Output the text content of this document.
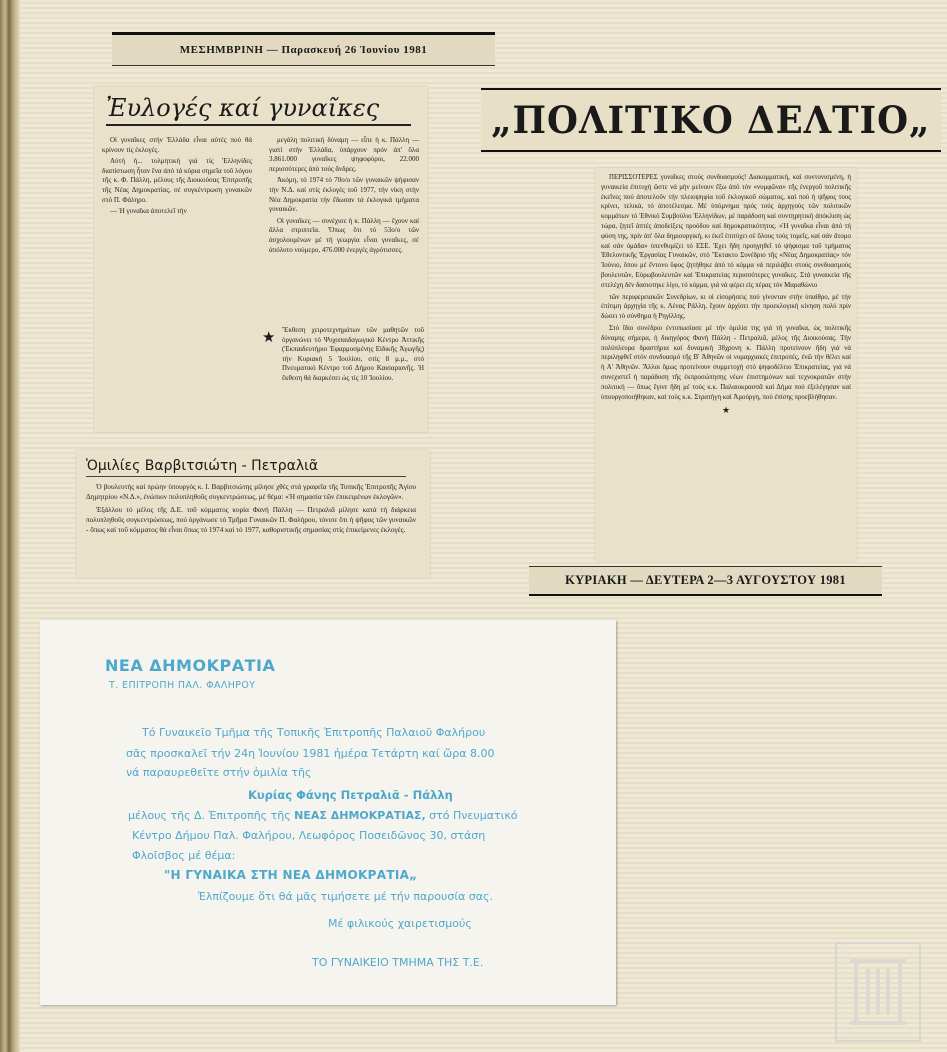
ΜΕΣΗΜΒΡΙΝΗ — Παρασκευή 26 Ἰουνίου 1981
Ἐυλογές καί γυναῖκες

Οἱ γυναῖκες στήν Ἑλλάδα εἶναι αὐτές πού θά κρίνουν τίς ἐκλογές.

Αὐτή ἡ... τολμητική γιά τίς Ἑλληνίδες διαπίστωση ἦταν ἕνα ἀπό τά κύρια σημεῖα τοῦ λόγου τῆς κ. Φ. Πάλλη, μέλους τῆς Διοικούσας Ἐπιτροπῆς τῆς Νέας Δημοκρατίας, σέ συγκέντρωση γυναικῶν στό Π. Φάληρο.

— Ἡ γυναῖκα ἀποτελεῖ τήν

μεγάλη πολιτική δύναμη — εἶπε ἡ κ. Πάλλη — γιατί στήν Ἑλλάδα, ὑπάρχουν πρόν ἀπ' ὅλα 3.861.000 γυναῖκες ψηφοφόροι, 22.000 περισσότερες ἀπό τούς ἄνδρες.

Ἀκόμη, τό 1974 τό 70ο/ο τῶν γυναικῶν ψήφισαν τήν Ν.Δ. καί στίς ἐκλογές τοῦ 1977, τήν νίκη στήν Νέα Δημοκρατία τήν ἔδωσαν τά ἐκλογικά τμήματα γυναικῶν.

Οἱ γυναῖκες — συνέχισε ἡ κ. Πάλλη — ἔχουν καί ἄλλα στριπτεῖα. Ὅπως ὅτι τό 53ο/ο τῶν ἀσχολουμένων μέ τή γεωργία εἶναι γυναῖκες, σέ ἀπόλυτο νούμερο, 476.000 ἐνεργές ἀγρότισσες.

★ Ἔκθεση χειροτεχνημάτων τῶν μαθητῶν τοῦ ὀργανώνει τό Ψυχοπαιδαγωγικό Κέντρο Ἀττικῆς (Ἐκπαιδευτήριο Ἐφαρμοσμένης Εἰδικῆς Ἀγωγῆς) τήν Κυριακή 5 Ἰουλίου, στίς 8 μ.μ., στό Πνευματικό Κέντρο τοῦ Δήμου Καισαριανῆς. Ἡ ἔκθεση θά διαρκέσει ὡς τίς 10 Ἰουλίου.
Ὁμιλίες Βαρβιτσιώτη - Πετραλιᾶ

Ὁ βουλευτής καί πρώην ὑπουργός κ. Ι. Βαρβιτσιώτης μίλησε χθές στά γραφεῖα τῆς Τοπικῆς Ἐπιτροπῆς Ἁγίου Δημητρίου «Ν.Δ.», ἐνώπιον πολυπληθοῦς συγκεντρώσεως, μέ θέμα: «Ἡ σημασία τῶν ἐπικειμένων ἐκλογῶν».

Ἐξάλλου τό μέλος τῆς Δ.Ε. τοῦ κόμματος κυρία Φανή Πάλλη — Πετραλιᾶ μίλησε κατά τή διάρκεια πολυπληθοῦς συγκεντρώσεως, πού ὀργάνωσε τό Τμῆμα Γυναικῶν Π. Φαλήρου, τόνισε ὅτι ἡ ψῆφος τῶν γυναικῶν - ὅπως καί τοῦ κόμματος θά εἶναι ὅπως τό 1974 καί τό 1977, καθοριστικῆς σημασίας στίς ἐπικείμενες ἐκλογές.

„ΠΟΛΙΤΙΚΟ ΔΕΛΤΙΟ„

ΠΕΡΙΣΣΟΤΕΡΕΣ γυναῖκες στούς συνδυασμούς! Διακομματική, καί συντονισμένη, ἡ γυναικεία ἐπιτυχή ὥστε νά μήν μείνουν ἔξω ἀπό τόν «νυμφῶνα» τῆς ἐνεργοῦ πολιτικῆς ἐκεῖνες πού ἀποτελοῦν τήν πλειοψηφία τοῦ ἐκλογικοῦ σώματος, καί πού ἡ ψῆφος τους κρίνει, τελικά, τό ἀποτέλεσμα. Μέ ὑπόμνημα πρός τούς ἀρχηγούς τῶν πολιτικῶν κομμάτων τό Ἐθνικό Συμβούλιο Ἑλληνίδων, μέ παράδοση καί συντηρητική ἀπόκλιση ὡς τώρα, ζητεῖ ἀπτές ἀποδείξεις προόδου καί δημοκρατικότητος. «Ἡ γυναῖκα εἶναι ἀπό τή φύση της, πρίν ἀπ' ὅλα δημιουργική, κι ἐκεῖ ἐπιτύχει σέ ὅλους τούς τομεῖς, καί σάν ἄτομο καί σάν ὁμάδα» ὑπενθυμίζει τό ΕΣΕ. Ἐχει ἤδη προηγηθεῖ τό ψήφισμα τοῦ τμήματος Ἐθελοντικῆς Ἐργασίας Γυναικῶν, στό Ἔκτακτο Συνέδριο τῆς «Νέας Δημοκρατίας» τόν Ἰούνιο, ὅπου μέ ἔντονο ὕφος ζητήθηκε ἀπό τό κόμμα νά περιλάβει στούς συνδυασμούς βουλευτῶν, Εὐρωβουλευτῶν καί Ἐπικρατείας περισσότερες γυναῖκες. Στά γυναικεία τῆς στελέχη δέν δασιοτηκε λίγο, τό κόμμα, γιά νά φέρει εἰς πέρας τόν Μαραθώνιο

τῶν περιφερειακῶν Συνεδρίων, κι οἱ εἰσορήσεις πού γίνονταν στήν ὑπαίθρο, μέ τήν ἐπίτιμη ἀρχηγία τῆς κ. Λένας Ράλλη, ἔχουν ἀρχίσει τήν προεκλογική κίνηση πολύ πρίν δώσει τό σύνθημα ἡ Ρηγίλλης.

Στό ἴδιο συνέδριο ἐντυπωσίασε μέ τήν ὁμιλία της γιά τή γυναῖκα, ὡς πολιτικῆς δύναμης σήμερα, ἡ δικηγόρος Φανή Πάλλη - Πετραλιᾶ, μέλος τῆς Διοικούσας. Τήν πολύπλευρα δραστήρια καί δυναμική 38χρονη κ. Πάλλη προτείνουν ἤδη γιά νά περιληφθεῖ στόν συνδυασμό τῆς Β' Ἀθηνῶν οἱ νομαρχιακές ἐπιτροπές, ἐνῶ τήν θέλει καί ἡ Α' Ἀθηνῶν. Ἄλλοι ὅμως προτείνουν συμμετοχή στό ψηφοδέλτιο Ἐπικρατείας, γιά νά συνεχιστεῖ ἡ παράδοση τῆς ἐκπροσώπησης νέων ἐπιστημόνων καί τεχνοκρατῶν στήν πολιτική — ὅπως ἔγινε ἤδη μέ τούς κ.κ. Παλαιοκρασσᾶ καί Δήμα πού ἐξελέγησαν καί ὑπουργοποιήθηκαν, καί τούς κ.κ. Στρατήγη καί Ἀμούργη, πού ἐπίσης προεβλήθησαν.

★
ΚΥΡΙΑΚΗ — ΔΕΥΤΕΡΑ 2—3 ΑΥΓΟΥΣΤΟΥ 1981
ΝΕΑ ΔΗΜΟΚΡΑΤΙΑ
Τ. ΕΠΙΤΡΟΠΗ ΠΑΛ. ΦΑΛΗΡΟΥ
Τό Γυναικεῖο Τμῆμα τῆς Τοπικῆς Ἐπιτροπῆς Παλαιοῦ Φαλήρου
σᾶς προσκαλεῖ τήν 24η Ἰουνίου 1981 ἡμέρα Τετάρτη καί ὥρα 8.00
νά παραυρεθεῖτε στήν ὁμιλία τῆς
Κυρίας Φάνης Πετραλιᾶ - Πάλλη
μέλους τῆς Δ. Ἐπιτροπῆς τῆς ΝΕΑΣ ΔΗΜΟΚΡΑΤΙΑΣ, στό Πνευματικό
Κέντρο Δήμου Παλ. Φαλήρου, Λεωφόρος Ποσειδῶνος 30, στάση
Φλοῖσβος μέ θέμα:
"Η ΓΥΝΑΙΚΑ ΣΤΗ ΝΕΑ ΔΗΜΟΚΡΑΤΙΑ„
Ἐλπίζουμε ὅτι θά μᾶς τιμήσετε μέ τήν παρουσία σας.
Μέ φιλικούς χαιρετισμούς
ΤΟ ΓΥΝΑΙΚΕΙΟ ΤΜΗΜΑ ΤΗΣ Τ.Ε.
